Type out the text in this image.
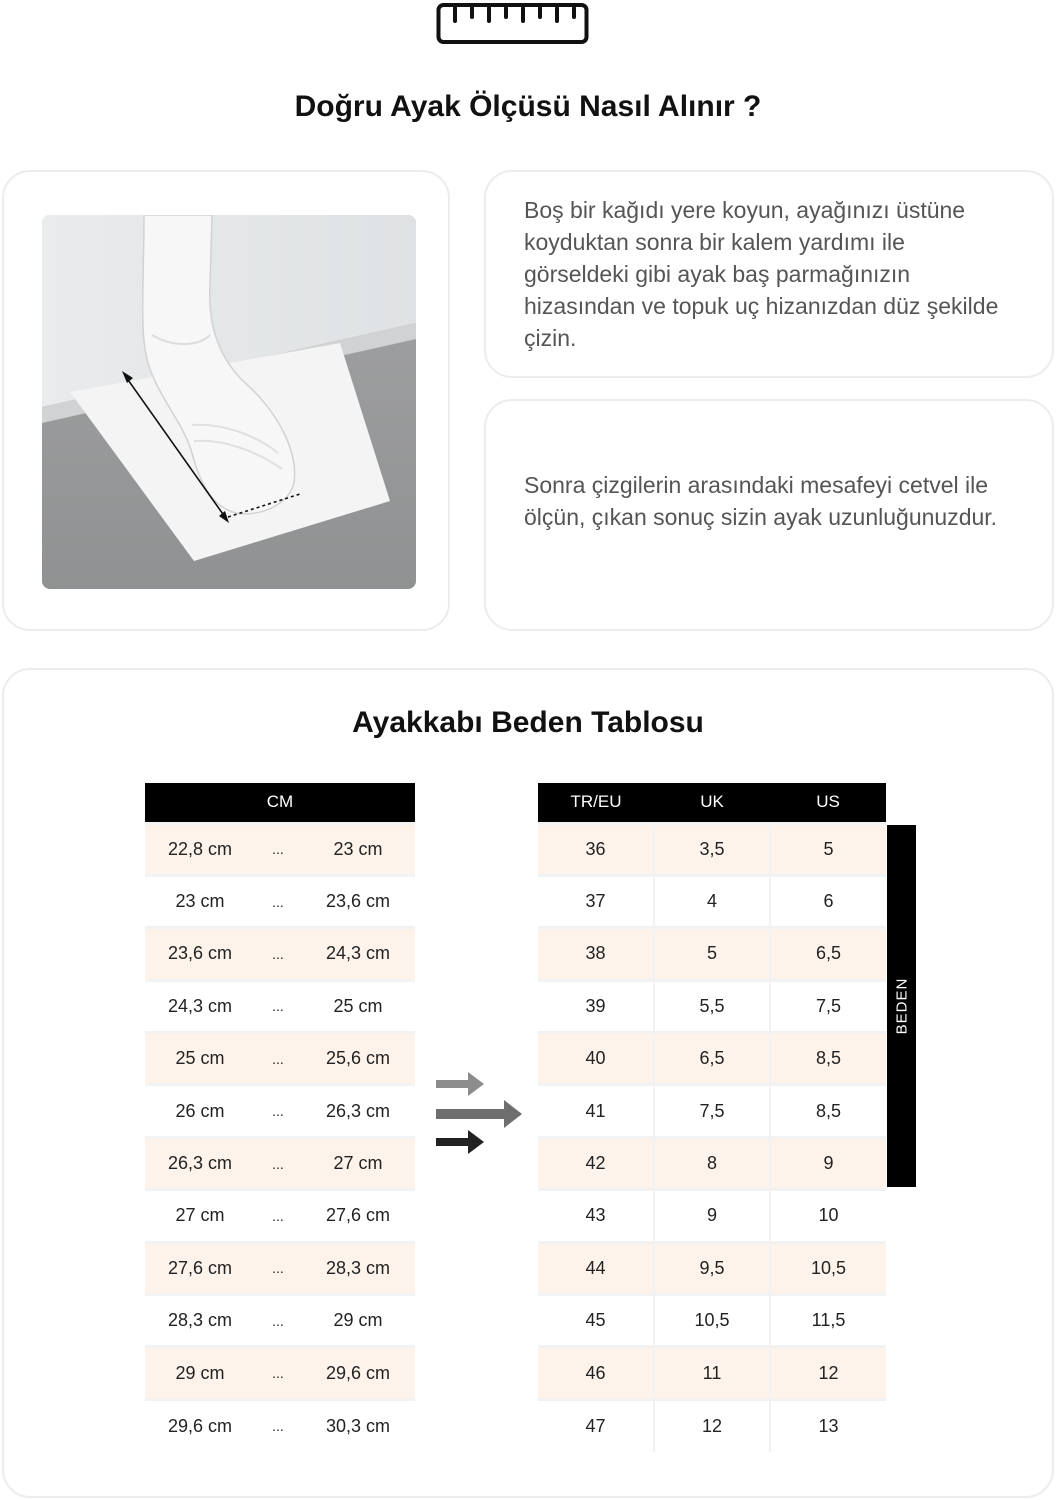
Doğru Ayak Ölçüsü Nasıl Alınır ?

Boş bir kağıdı yere koyun, ayağınızı üstüne koyduktan sonra bir kalem yardımı ile görseldeki gibi ayak baş parmağınızın hizasından ve topuk uç hizanızdan düz şekilde çizin.

Sonra çizgilerin arasındaki mesafeyi cetvel ile ölçün, çıkan sonuç sizin ayak uzunluğunuzdur.

Ayakkabı Beden Tablosu
CM		
22,8 cm	...	23 cm
23 cm	...	23,6 cm
23,6 cm	...	24,3 cm
24,3 cm	...	25 cm
25 cm	...	25,6 cm
26 cm	...	26,3 cm
26,3 cm	...	27 cm
27 cm	...	27,6 cm
27,6 cm	...	28,3 cm
28,3 cm	...	29 cm
29 cm	...	29,6 cm
29,6 cm	...	30,3 cm
TR/EU	UK	US
36	3,5	5
37	4	6
38	5	6,5
39	5,5	7,5
40	6,5	8,5
41	7,5	8,5
42	8	9
43	9	10
44	9,5	10,5
45	10,5	11,5
46	11	12
47	12	13
BEDEN
